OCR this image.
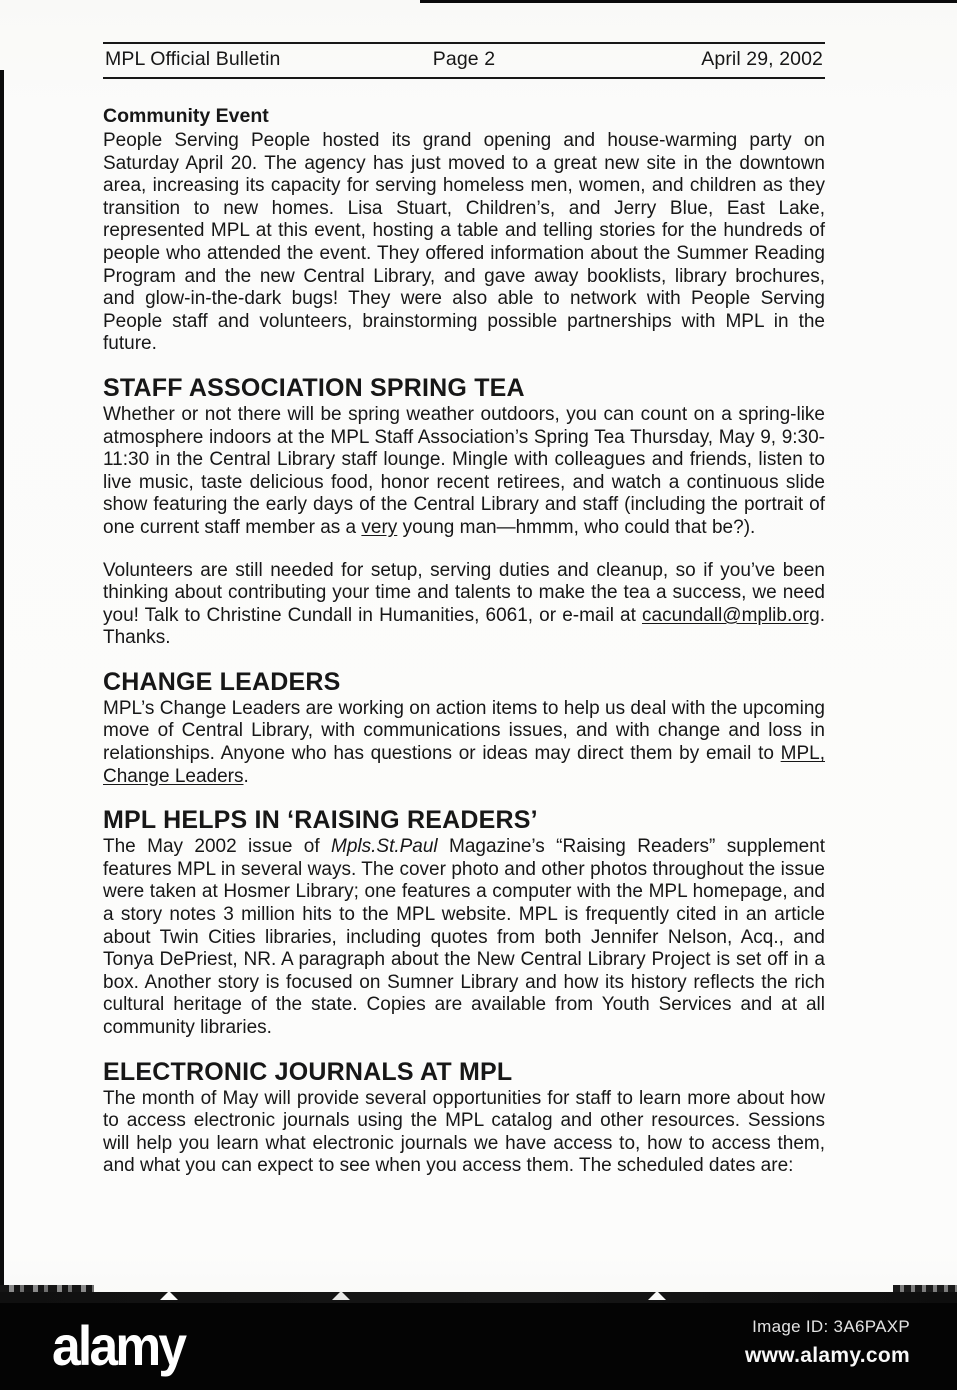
MPL Official Bulletin	Page 2	April 29, 2002
Community Event

People Serving People hosted its grand opening and house-warming party on Saturday April 20. The agency has just moved to a great new site in the downtown area, increasing its capacity for serving homeless men, women, and children as they transition to new homes. Lisa Stuart, Children’s, and Jerry Blue, East Lake, represented MPL at this event, hosting a table and telling stories for the hundreds of people who attended the event. They offered information about the Summer Reading Program and the new Central Library, and gave away booklists, library brochures, and glow-in-the-dark bugs! They were also able to network with People Serving People staff and volunteers, brainstorming possible partnerships with MPL in the future.

STAFF ASSOCIATION SPRING TEA

Whether or not there will be spring weather outdoors, you can count on a spring-like atmosphere indoors at the MPL Staff Association’s Spring Tea Thursday, May 9, 9:30-11:30 in the Central Library staff lounge. Mingle with colleagues and friends, listen to live music, taste delicious food, honor recent retirees, and watch a continuous slide show featuring the early days of the Central Library and staff (including the portrait of one current staff member as a very young man—hmmm, who could that be?).

Volunteers are still needed for setup, serving duties and cleanup, so if you’ve been thinking about contributing your time and talents to make the tea a success, we need you! Talk to Christine Cundall in Humanities, 6061, or e-mail at cacundall@mplib.org. Thanks.

CHANGE LEADERS

MPL’s Change Leaders are working on action items to help us deal with the upcoming move of Central Library, with communications issues, and with change and loss in relationships. Anyone who has questions or ideas may direct them by email to MPL, Change Leaders.

MPL HELPS IN ‘RAISING READERS’

The May 2002 issue of Mpls.St.Paul Magazine’s “Raising Readers” supplement features MPL in several ways. The cover photo and other photos throughout the issue were taken at Hosmer Library; one features a computer with the MPL homepage, and a story notes 3 million hits to the MPL website. MPL is frequently cited in an article about Twin Cities libraries, including quotes from both Jennifer Nelson, Acq., and Tonya DePriest, NR. A paragraph about the New Central Library Project is set off in a box. Another story is focused on Sumner Library and how its history reflects the rich cultural heritage of the state. Copies are available from Youth Services and at all community libraries.

ELECTRONIC JOURNALS AT MPL

The month of May will provide several opportunities for staff to learn more about how to access electronic journals using the MPL catalog and other resources. Sessions will help you learn what electronic journals we have access to, how to access them, and what you can expect to see when you access them. The scheduled dates are:

alamy	Image ID: 3A6PAXP
www.alamy.com
